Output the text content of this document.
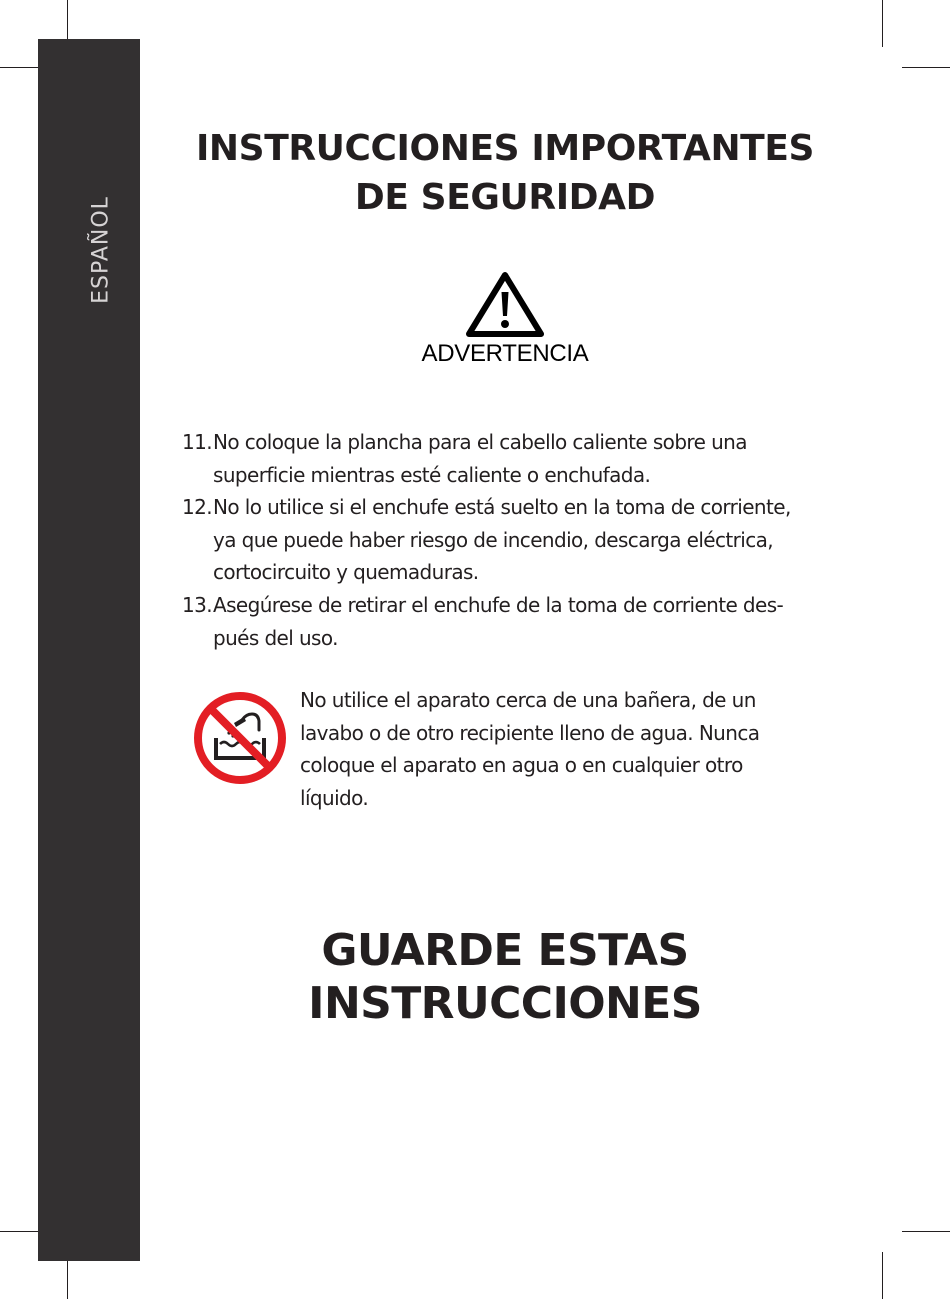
ESPAÑOL
INSTRUCCIONES IMPORTANTES
DE SEGURIDAD
ADVERTENCIA
11. No coloque la plancha para el cabello caliente sobre una
superficie mientras esté caliente o enchufada.
12. No lo utilice si el enchufe está suelto en la toma de corriente,
ya que puede haber riesgo de incendio, descarga eléctrica,
cortocircuito y quemaduras.
13. Asegúrese de retirar el enchufe de la toma de corriente des-
pués del uso.

No utilice el aparato cerca de una bañera, de un
lavabo o de otro recipiente lleno de agua. Nunca
coloque el aparato en agua o en cualquier otro
líquido.

GUARDE ESTAS
INSTRUCCIONES
